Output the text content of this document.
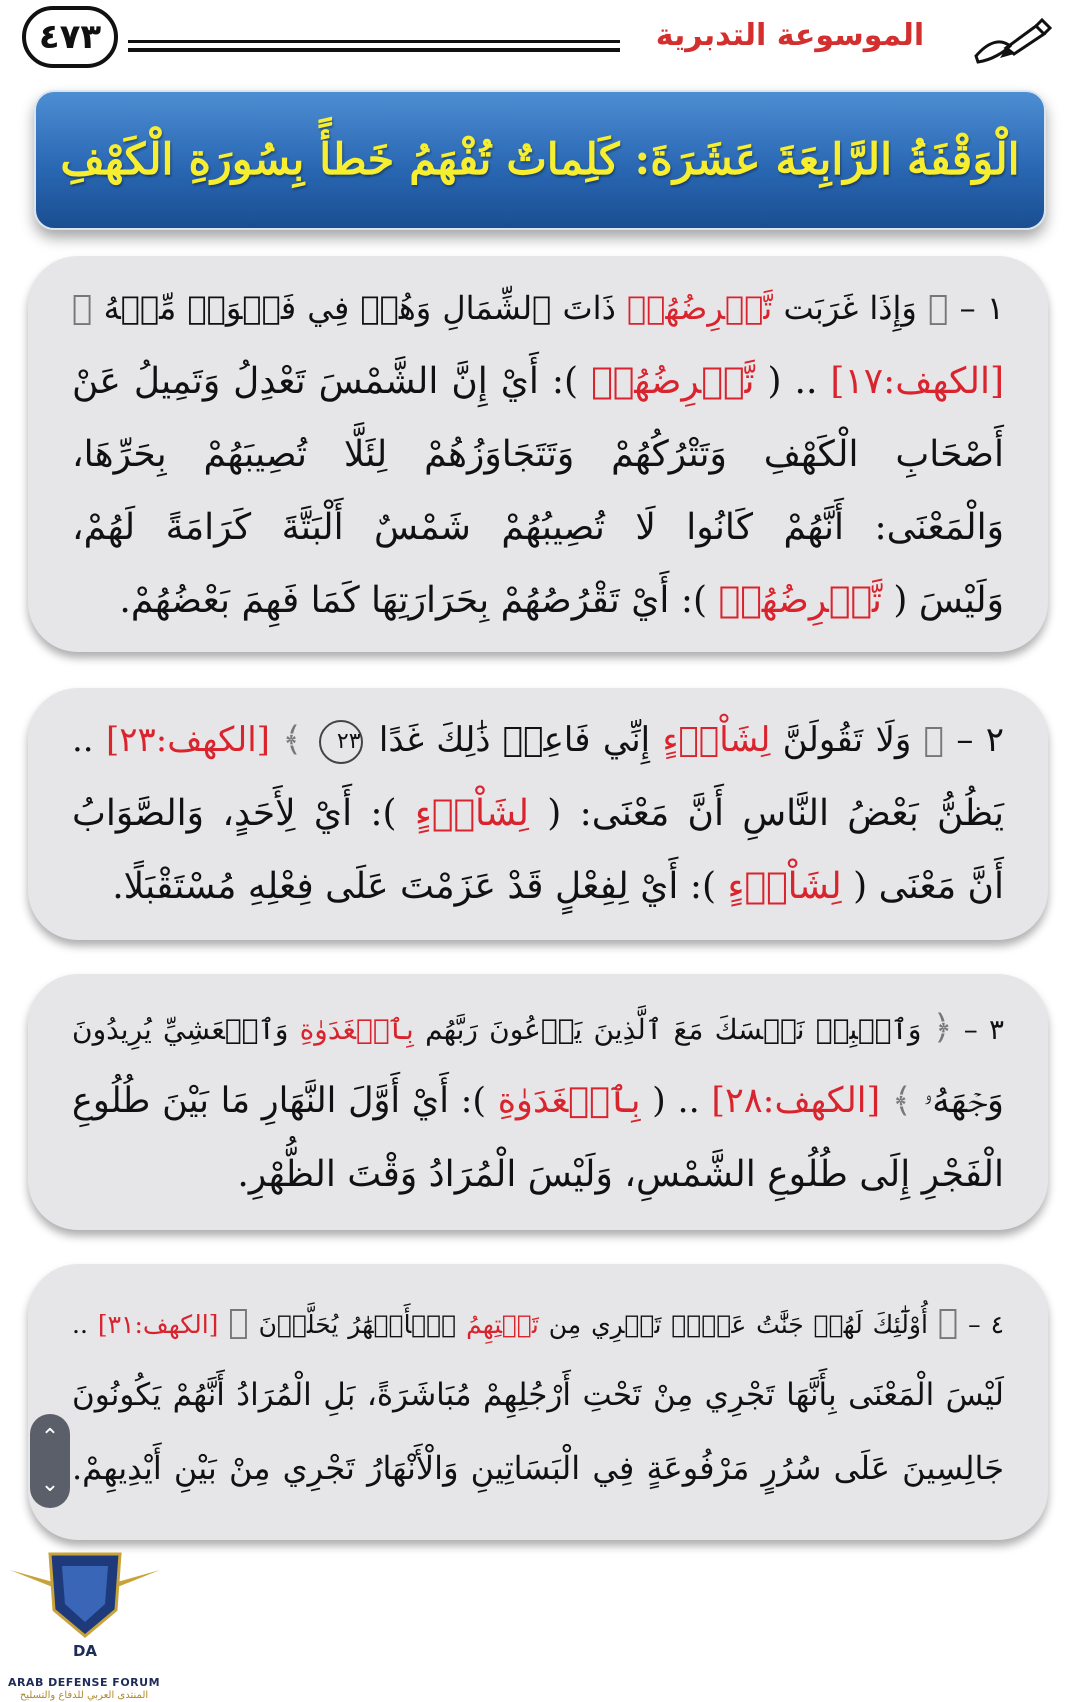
٤٧٣	الموسوعة التدبرية
الْوَقْفَةُ الرَّابِعَةَ عَشَرَةَ: كَلِماتٌ تُفْهَمُ خَطأً بِسُورَةِ الْكَهْفِ
١ – ﴿ وَإِذَا غَرَبَت تَّقۡرِضُهُمۡ ذَاتَ ٱلشِّمَالِ وَهُمۡ فِي فَجۡوَةٖ مِّنۡهُ ﴾
[الكهف:١٧] .. ( تَّقۡرِضُهُمۡ ): أَيْ إِنَّ الشَّمْسَ تَعْدِلُ وَتَمِيلُ عَنْ
أَصْحَابِ الْكَهْفِ وَتَتْرُكُهُمْ وَتَتَجَاوَزُهُمْ لِئَلَّا تُصِيبَهُمْ بِحَرِّهَا،
وَالْمَعْنَى: أَنَّهُمْ كَانُوا لَا تُصِيبُهُمْ شَمْسٌ أَلْبَتَّةَ كَرَامَةً لَهُمْ،
وَلَيْسَ ( تَّقۡرِضُهُمۡ ): أَيْ تَقْرُصُهُمْ بِحَرَارَتِهَا كَمَا فَهِمَ بَعْضُهُمْ.
٢ – ﴿ وَلَا تَقُولَنَّ لِشَاْيۡءٍ إِنِّي فَاعِلٞ ذَٰلِكَ غَدًا ٢٣ ﴾ [الكهف:٢٣] ..
يَظُنُّ بَعْضُ النَّاسِ أَنَّ مَعْنَى: ( لِشَاْيۡءٍ ): أَيْ لِأَحَدٍ، وَالصَّوَابُ
أَنَّ مَعْنَى ( لِشَاْيۡءٍ ): أَيْ لِفِعْلٍ قَدْ عَزَمْتَ عَلَى فِعْلِهِ مُسْتَقْبَلًا.
٣ – ﴿ وَٱصۡبِرۡ نَفۡسَكَ مَعَ ٱلَّذِينَ يَدۡعُونَ رَبَّهُم بِٱلۡغَدَوٰةِ وَٱلۡعَشِيِّ يُرِيدُونَ
وَجۡهَهُۥ ﴾ [الكهف:٢٨] .. ( بِٱلۡغَدَوٰةِ ): أَيْ أَوَّلَ النَّهَارِ مَا بَيْنَ طُلُوعِ
الْفَجْرِ إِلَى طُلُوعِ الشَّمْسِ، وَلَيْسَ الْمُرَادُ وَقْتَ الظُّهْرِ.
٤ – ﴿ أُوْلَٰٓئِكَ لَهُمۡ جَنَّٰتُ عَدۡنٖ تَجۡرِي مِن تَحۡتِهِمُ ٱلۡأَنۡهَٰرُ يُحَلَّوۡنَ ﴾ [الكهف:٣١] ..
لَيْسَ الْمَعْنَى بِأَنَّهَا تَجْرِي مِنْ تَحْتِ أَرْجُلِهِمْ مُبَاشَرَةً، بَلِ الْمُرَادُ أَنَّهُمْ يَكُونُونَ
جَالِسِينَ عَلَى سُرُرٍ مَرْفُوعَةٍ فِي الْبَسَاتِينِ وَالْأَنْهَارُ تَجْرِي مِنْ بَيْنِ أَيْدِيهِمْ.
⌃
⌄
DA
ARAB DEFENSE FORUM
المنتدى العربي للدفاع والتسليح
